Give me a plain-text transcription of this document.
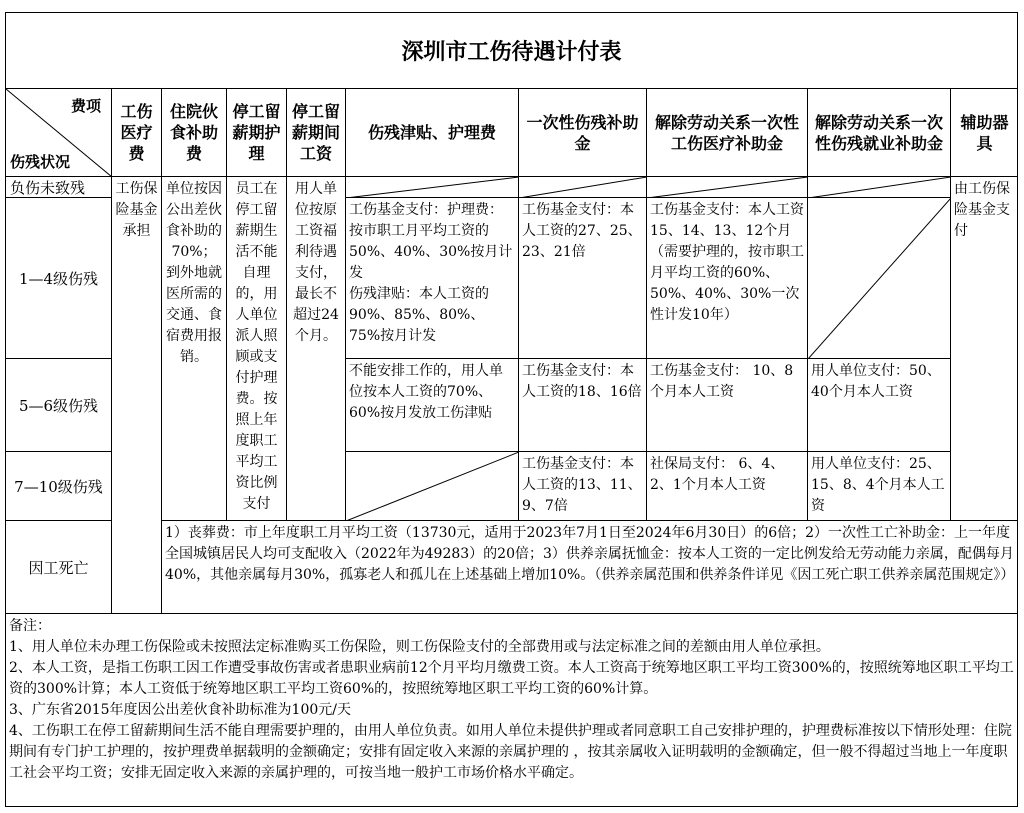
深圳市工伤待遇计付表
费项
伤残状况
工伤医疗费
住院伙食补助费
停工留薪期护理
停工留薪期间工资
伤残津贴、护理费
一次性伤残补助金
解除劳动关系一次性工伤医疗补助金
解除劳动关系一次性伤残就业补助金
辅助器具
负伤未致残
1—4级伤残
5—6级伤残
7—10级伤残
因工死亡
工伤保险基金承担
单位按因公出差伙食补助的70%；到外地就医所需的交通、食宿费用报销。
员工在停工留薪期生活不能自理的，用人单位派人照顾或支付护理费。按照上年度职工平均工资比例支付
用人单位按原工资福利待遇支付，最长不超过24个月。
由工伤保险基金支付
工伤基金支付：护理费：按市职工月平均工资的50%、40%、30%按月计发
伤残津贴：本人工资的90%、85%、80%、75%按月计发
工伤基金支付：本人工资的27、25、23、21倍
工伤基金支付：本人工资15、14、13、12个月
（需要护理的，按市职工月平均工资的60%、50%、40%、30%一次性计发10年）
不能安排工作的，用人单位按本人工资的70%、60%按月发放工伤津贴
工伤基金支付：本人工资的18、16倍
工伤基金支付： 10、8个月本人工资
用人单位支付：50、40个月本人工资
工伤基金支付：本人工资的13、11、9、7倍
社保局支付： 6、4、2、1个月本人工资
用人单位支付：25、15、8、4个月本人工资
1）丧葬费：市上年度职工月平均工资（13730元，适用于2023年7月1日至2024年6月30日）的6倍；2）一次性工亡补助金：上一年度全国城镇居民人均可支配收入（2022年为49283）的20倍；3）供养亲属抚恤金：按本人工资的一定比例发给无劳动能力亲属，配偶每月40%，其他亲属每月30%，孤寡老人和孤儿在上述基础上增加10%。（供养亲属范围和供养条件详见《因工死亡职工供养亲属范围规定》）
备注：
1、用人单位未办理工伤保险或未按照法定标准购买工伤保险，则工伤保险支付的全部费用或与法定标准之间的差额由用人单位承担。
2、本人工资，是指工伤职工因工作遭受事故伤害或者患职业病前12个月平均月缴费工资。本人工资高于统筹地区职工平均工资300%的，按照统筹地区职工平均工资的300%计算；本人工资低于统筹地区职工平均工资60%的，按照统筹地区职工平均工资的60%计算。
3、广东省2015年度因公出差伙食补助标准为100元/天
4、工伤职工在停工留薪期间生活不能自理需要护理的，由用人单位负责。如用人单位未提供护理或者同意职工自己安排护理的，护理费标准按以下情形处理：住院期间有专门护工护理的，按护理费单据载明的金额确定；安排有固定收入来源的亲属护理的 ，按其亲属收入证明载明的金额确定，但一般不得超过当地上一年度职工社会平均工资；安排无固定收入来源的亲属护理的，可按当地一般护工市场价格水平确定。
